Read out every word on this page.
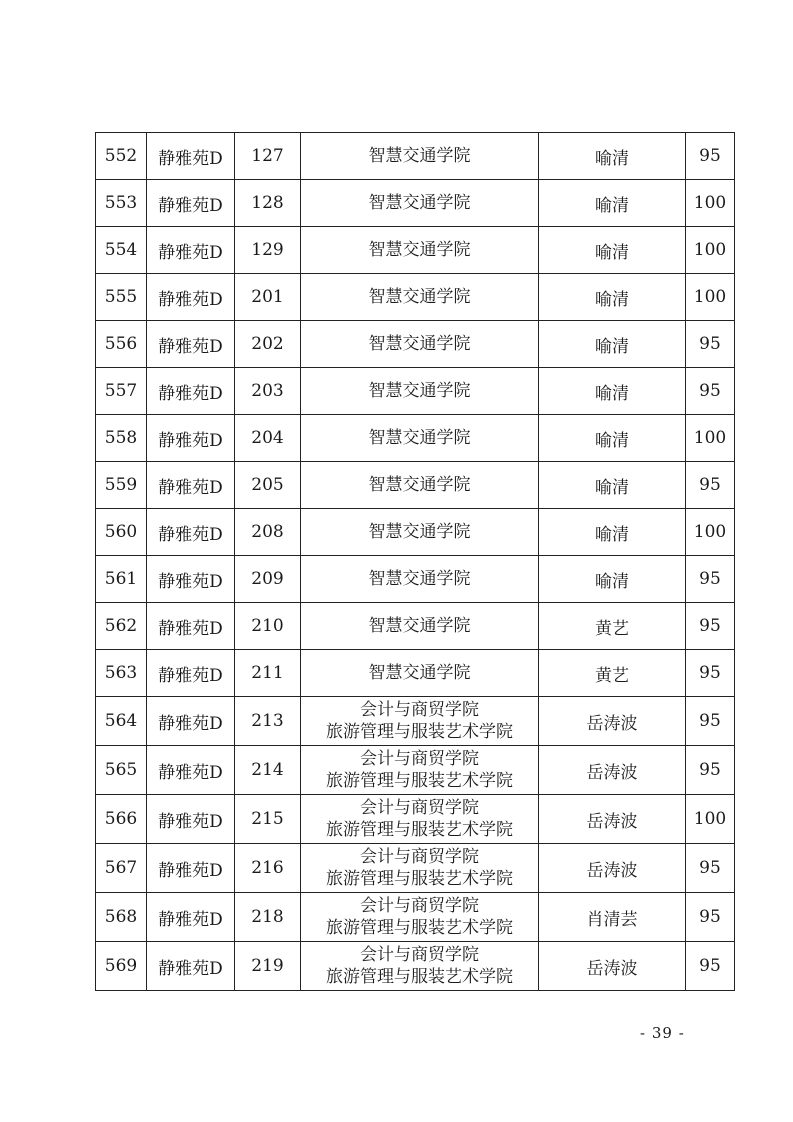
552	静雅苑D	127	智慧交通学院	喻清	95
553	静雅苑D	128	智慧交通学院	喻清	100
554	静雅苑D	129	智慧交通学院	喻清	100
555	静雅苑D	201	智慧交通学院	喻清	100
556	静雅苑D	202	智慧交通学院	喻清	95
557	静雅苑D	203	智慧交通学院	喻清	95
558	静雅苑D	204	智慧交通学院	喻清	100
559	静雅苑D	205	智慧交通学院	喻清	95
560	静雅苑D	208	智慧交通学院	喻清	100
561	静雅苑D	209	智慧交通学院	喻清	95
562	静雅苑D	210	智慧交通学院	黄艺	95
563	静雅苑D	211	智慧交通学院	黄艺	95
564	静雅苑D	213	会计与商贸学院
旅游管理与服装艺术学院	岳涛波	95
565	静雅苑D	214	会计与商贸学院
旅游管理与服装艺术学院	岳涛波	95
566	静雅苑D	215	会计与商贸学院
旅游管理与服装艺术学院	岳涛波	100
567	静雅苑D	216	会计与商贸学院
旅游管理与服装艺术学院	岳涛波	95
568	静雅苑D	218	会计与商贸学院
旅游管理与服装艺术学院	肖清芸	95
569	静雅苑D	219	会计与商贸学院
旅游管理与服装艺术学院	岳涛波	95
- 39 -
